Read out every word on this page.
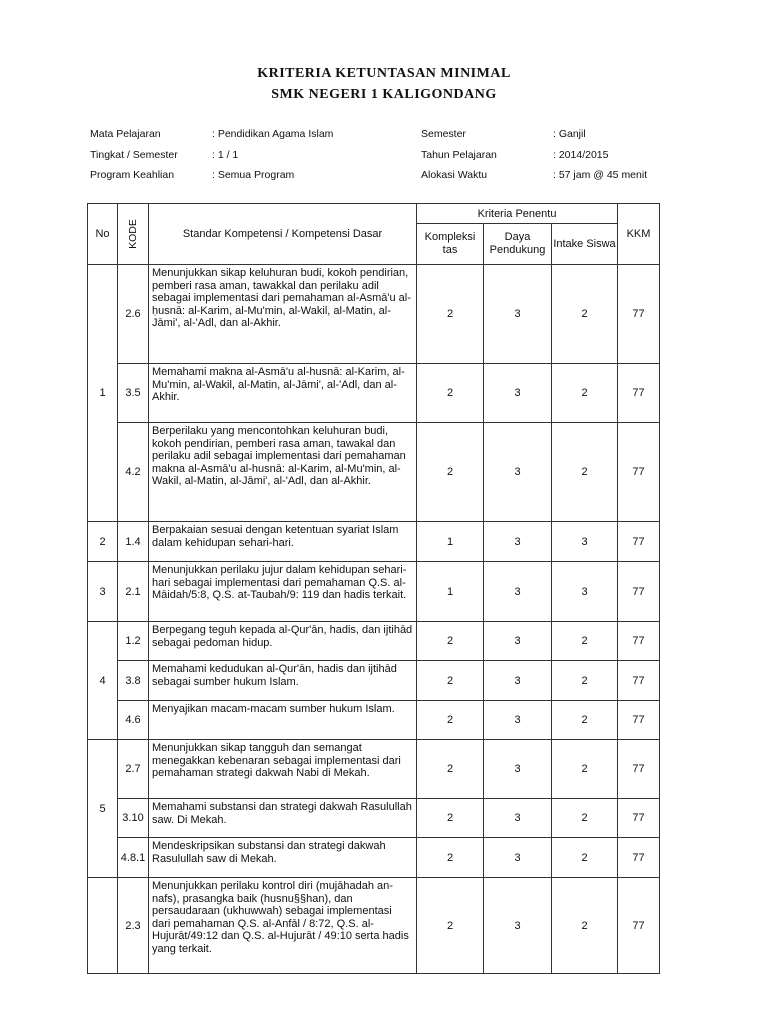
KRITERIA KETUNTASAN MINIMAL
SMK NEGERI 1 KALIGONDANG
Mata Pelajaran	: Pendidikan Agama Islam
Tingkat / Semester	: 1 / 1
Program Keahlian	: Semua Program
Semester	: Ganjil
Tahun Pelajaran	: 2014/2015
Alokasi Waktu	: 57 jam @ 45 menit
No	KODE	Standar Kompetensi / Kompetensi Dasar	Kriteria Penentu			KKM
			Kompleksi tas	Daya Pendukung	Intake Siswa	
1	2.6	Menunjukkan sikap keluhuran budi, kokoh pendirian, pemberi rasa aman, tawakkal dan perilaku adil sebagai implementasi dari pemahaman al-Asmā'u al-ḥusnā: al-Karim, al-Mu'min, al-Wakil, al-Matin, al-Jāmi', al-'Adl, dan al-Akhir.	2	3	2	77
	3.5	Memahami makna al-Asmā'u al-husnā: al-Karim, al-Mu'min, al-Wakil, al-Matin, al-Jāmi', al-'Adl, dan al-Akhir.	2	3	2	77
	4.2	Berperilaku yang mencontohkan keluhuran budi, kokoh pendirian, pemberi rasa aman, tawakal dan perilaku adil sebagai implementasi dari pemahaman makna al-Asmā'u al-husnā: al-Karim, al-Mu'min, al-Wakil, al-Matin, al-Jāmi', al-'Adl, dan al-Akhir.	2	3	2	77
2	1.4	Berpakaian sesuai dengan ketentuan syariat Islam dalam kehidupan sehari-hari.	1	3	3	77
3	2.1	Menunjukkan perilaku jujur dalam kehidupan sehari-hari sebagai implementasi dari pemahaman Q.S. al-Māidah/5:8, Q.S. at-Taubah/9: 119 dan hadis terkait.	1	3	3	77
4	1.2	Berpegang teguh kepada al-Qur'ān, hadis, dan ijtihād sebagai pedoman hidup.	2	3	2	77
	3.8	Memahami kedudukan al-Qur'ān, hadis dan ijtihād sebagai sumber hukum Islam.	2	3	2	77
	4.6	Menyajikan macam-macam sumber hukum Islam.	2	3	2	77
5	2.7	Menunjukkan sikap tangguh dan semangat menegakkan kebenaran sebagai implementasi dari pemahaman strategi dakwah Nabi di Mekah.	2	3	2	77
	3.10	Memahami substansi dan strategi dakwah Rasulullah saw. Di Mekah.	2	3	2	77
	4.8.1	Mendeskripsikan substansi dan strategi dakwah Rasulullah saw di Mekah.	2	3	2	77
	2.3	Menunjukkan perilaku kontrol diri (mujāhadah an-nafs), prasangka baik (husnu§§han), dan persaudaraan (ukhuwwah) sebagai implementasi dari pemahaman Q.S. al-Anfāl / 8:72, Q.S. al-Hujurāt/49:12 dan Q.S. al-Hujurāt / 49:10 serta hadis yang terkait.	2	3	2	77
